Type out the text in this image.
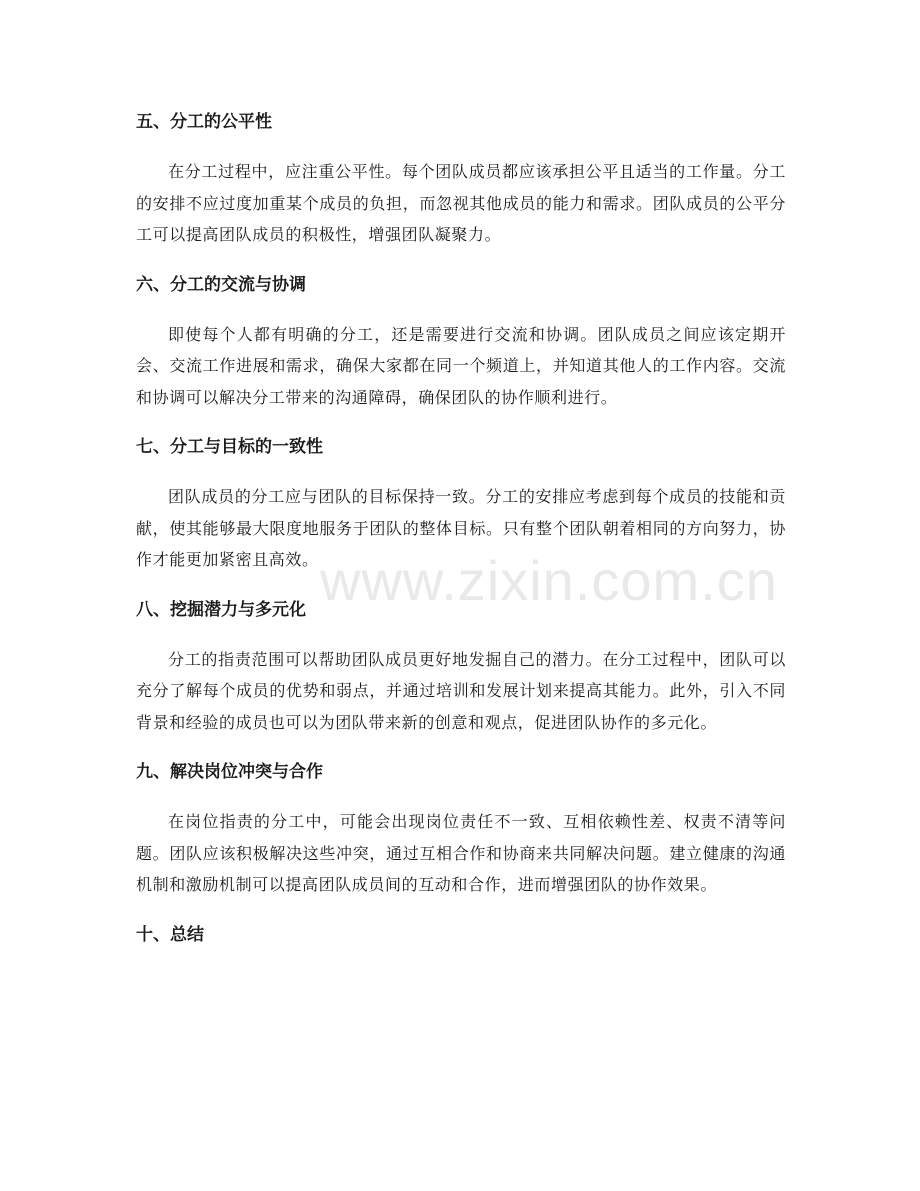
www.zixin.com.cn
五、分工的公平性

在分工过程中，应注重公平性。每个团队成员都应该承担公平且适当的工作量。分工的安排不应过度加重某个成员的负担，而忽视其他成员的能力和需求。团队成员的公平分工可以提高团队成员的积极性，增强团队凝聚力。

六、分工的交流与协调

即使每个人都有明确的分工，还是需要进行交流和协调。团队成员之间应该定期开会、交流工作进展和需求，确保大家都在同一个频道上，并知道其他人的工作内容。交流和协调可以解决分工带来的沟通障碍，确保团队的协作顺利进行。

七、分工与目标的一致性

团队成员的分工应与团队的目标保持一致。分工的安排应考虑到每个成员的技能和贡献，使其能够最大限度地服务于团队的整体目标。只有整个团队朝着相同的方向努力，协作才能更加紧密且高效。

八、挖掘潜力与多元化

分工的指责范围可以帮助团队成员更好地发掘自己的潜力。在分工过程中，团队可以充分了解每个成员的优势和弱点，并通过培训和发展计划来提高其能力。此外，引入不同背景和经验的成员也可以为团队带来新的创意和观点，促进团队协作的多元化。

九、解决岗位冲突与合作

在岗位指责的分工中，可能会出现岗位责任不一致、互相依赖性差、权责不清等问题。团队应该积极解决这些冲突，通过互相合作和协商来共同解决问题。建立健康的沟通机制和激励机制可以提高团队成员间的互动和合作，进而增强团队的协作效果。

十、总结
